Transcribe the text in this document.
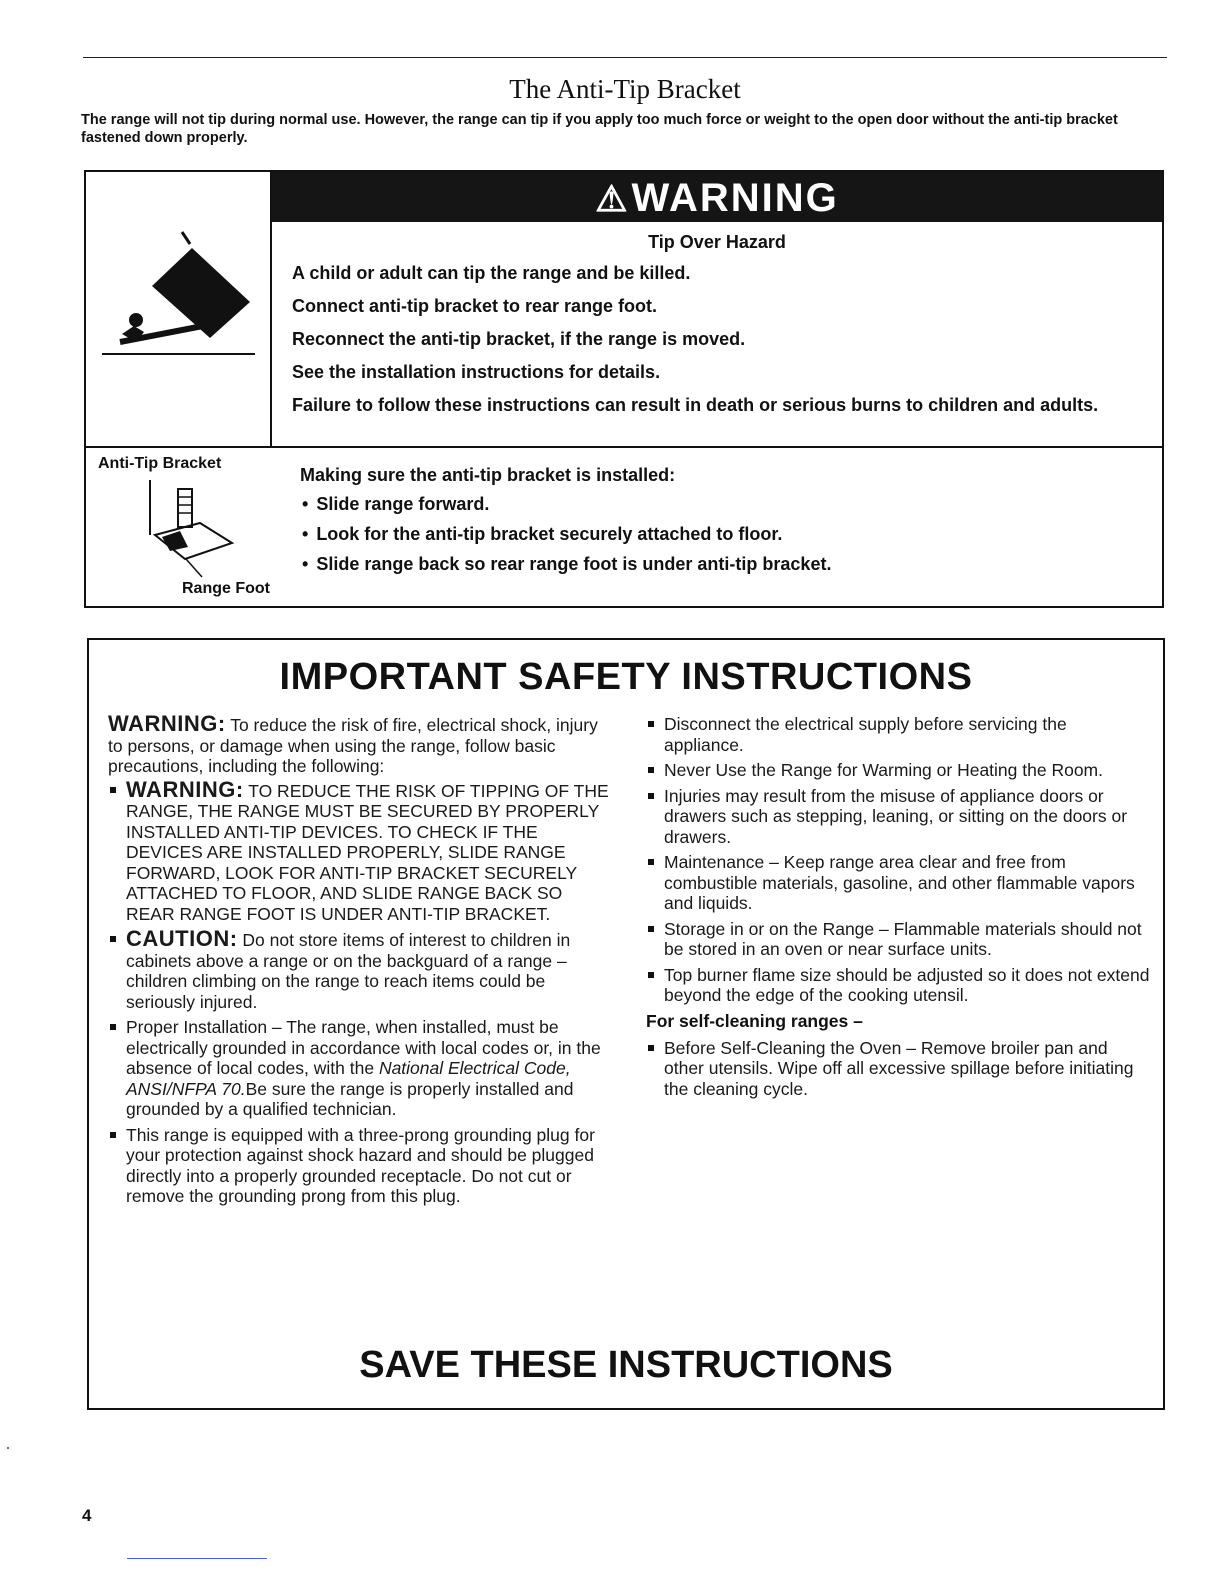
The Anti-Tip Bracket
The range will not tip during normal use. However, the range can tip if you apply too much force or weight to the open door without the anti-tip bracket fastened down properly.
⚠WARNING
Tip Over Hazard
A child or adult can tip the range and be killed.
Connect anti-tip bracket to rear range foot.
Reconnect the anti-tip bracket, if the range is moved.
See the installation instructions for details.
Failure to follow these instructions can result in death or serious burns to children and adults.
Anti-Tip Bracket
Range Foot
Making sure the anti-tip bracket is installed:
• Slide range forward.
• Look for the anti-tip bracket securely attached to floor.
• Slide range back so rear range foot is under anti-tip bracket.
IMPORTANT SAFETY INSTRUCTIONS
WARNING: To reduce the risk of fire, electrical shock, injury to persons, or damage when using the range, follow basic precautions, including the following:
WARNING: TO REDUCE THE RISK OF TIPPING OF THE RANGE, THE RANGE MUST BE SECURED BY PROPERLY INSTALLED ANTI-TIP DEVICES. TO CHECK IF THE DEVICES ARE INSTALLED PROPERLY, SLIDE RANGE FORWARD, LOOK FOR ANTI-TIP BRACKET SECURELY ATTACHED TO FLOOR, AND SLIDE RANGE BACK SO REAR RANGE FOOT IS UNDER ANTI-TIP BRACKET.
CAUTION: Do not store items of interest to children in cabinets above a range or on the backguard of a range – children climbing on the range to reach items could be seriously injured.
Proper Installation – The range, when installed, must be electrically grounded in accordance with local codes or, in the absence of local codes, with the National Electrical Code, ANSI/NFPA 70.Be sure the range is properly installed and grounded by a qualified technician.
This range is equipped with a three-prong grounding plug for your protection against shock hazard and should be plugged directly into a properly grounded receptacle. Do not cut or remove the grounding prong from this plug.
Disconnect the electrical supply before servicing the appliance.
Never Use the Range for Warming or Heating the Room.
Injuries may result from the misuse of appliance doors or drawers such as stepping, leaning, or sitting on the doors or drawers.
Maintenance – Keep range area clear and free from combustible materials, gasoline, and other flammable vapors and liquids.
Storage in or on the Range – Flammable materials should not be stored in an oven or near surface units.
Top burner flame size should be adjusted so it does not extend beyond the edge of the cooking utensil.
For self-cleaning ranges –
Before Self-Cleaning the Oven – Remove broiler pan and other utensils. Wipe off all excessive spillage before initiating the cleaning cycle.
SAVE THESE INSTRUCTIONS
4
